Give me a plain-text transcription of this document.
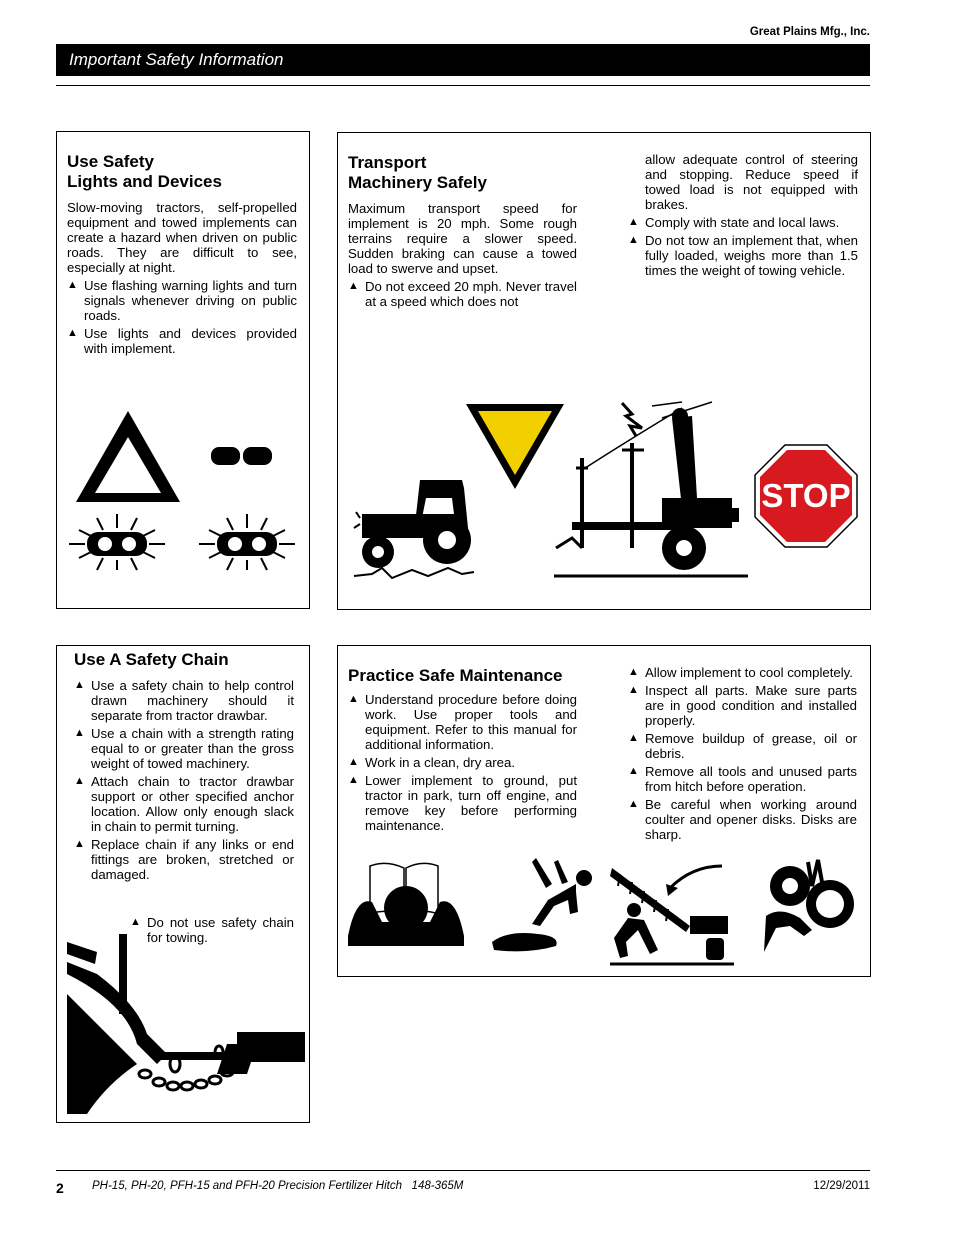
Great Plains Mfg., Inc.
Important Safety Information
Use Safety
Lights and Devices
Slow-moving tractors, self-propelled equipment and towed implements can create a hazard when driven on public roads. They are difficult to see, especially at night.
▲ Use flashing warning lights and turn signals whenever driving on public roads.
▲ Use lights and devices provided with implement.
Transport
Machinery Safely
Maximum transport speed for implement is 20 mph. Some rough terrains require a slower speed. Sudden braking can cause a towed load to swerve and upset.
▲ Do not exceed 20 mph. Never travel at a speed which does not
allow adequate control of steering and stopping. Reduce speed if towed load is not equipped with brakes.
▲ Comply with state and local laws.
▲ Do not tow an implement that, when fully loaded, weighs more than 1.5 times the weight of towing vehicle.
STOP
Use A Safety Chain
▲ Use a safety chain to help control drawn machinery should it separate from tractor drawbar.
▲ Use a chain with a strength rating equal to or greater than the gross weight of towed machinery.
▲ Attach chain to tractor drawbar support or other specified anchor location. Allow only enough slack in chain to permit turning.
▲ Replace chain if any links or end fittings are broken, stretched or damaged.
▲ Do not use safety chain for towing.
Practice Safe Maintenance
▲ Understand procedure before doing work. Use proper tools and equipment. Refer to this manual for additional information.
▲ Work in a clean, dry area.
▲ Lower implement to ground, put tractor in park, turn off engine, and remove key before performing maintenance.
▲ Allow implement to cool completely.
▲ Inspect all parts. Make sure parts are in good condition and installed properly.
▲ Remove buildup of grease, oil or debris.
▲ Remove all tools and unused parts from hitch before operation.
▲ Be careful when working around coulter and opener disks. Disks are sharp.
2 PH-15, PH-20, PFH-15 and PFH-20 Precision Fertilizer Hitch   148-365M	12/29/2011
